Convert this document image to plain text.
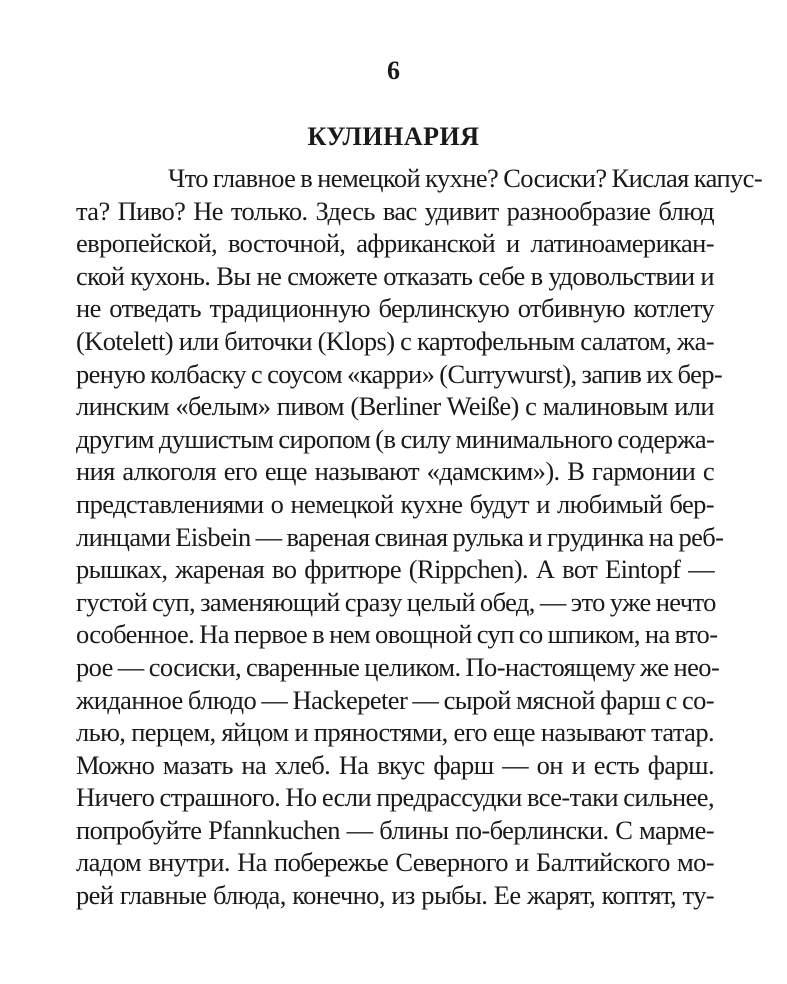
6
КУЛИНАРИЯ
Что главное в немецкой кухне? Сосиски? Кислая капус-
та? Пиво? Не только. Здесь вас удивит разнообразие блюд
европейской, восточной, африканской и латиноамерикан-
ской кухонь. Вы не сможете отказать себе в удовольствии и
не отведать традиционную берлинскую отбивную котлету
(Kotelett) или биточки (Klops) с картофельным салатом, жа-
реную колбаску с соусом «карри» (Currywurst), запив их бер-
линским «белым» пивом (Berliner Weiße) с малиновым или
другим душистым сиропом (в силу минимального содержа-
ния алкоголя его еще называют «дамским»). В гармонии с
представлениями о немецкой кухне будут и любимый бер-
линцами Eisbein — вареная свиная рулька и грудинка на реб-
рышках, жареная во фритюре (Rippchen). А вот Eintopf —
густой суп, заменяющий сразу целый обед, — это уже нечто
особенное. На первое в нем овощной суп со шпиком, на вто-
рое — сосиски, сваренные целиком. По-настоящему же нео-
жиданное блюдо — Hackepeter — сырой мясной фарш с со-
лью, перцем, яйцом и пряностями, его еще называют татар.
Можно мазать на хлеб. На вкус фарш — он и есть фарш.
Ничего страшного. Но если предрассудки все-таки сильнее,
попробуйте Pfannkuchen — блины по-берлински. С марме-
ладом внутри. На побережье Северного и Балтийского мо-
рей главные блюда, конечно, из рыбы. Ее жарят, коптят, ту-
